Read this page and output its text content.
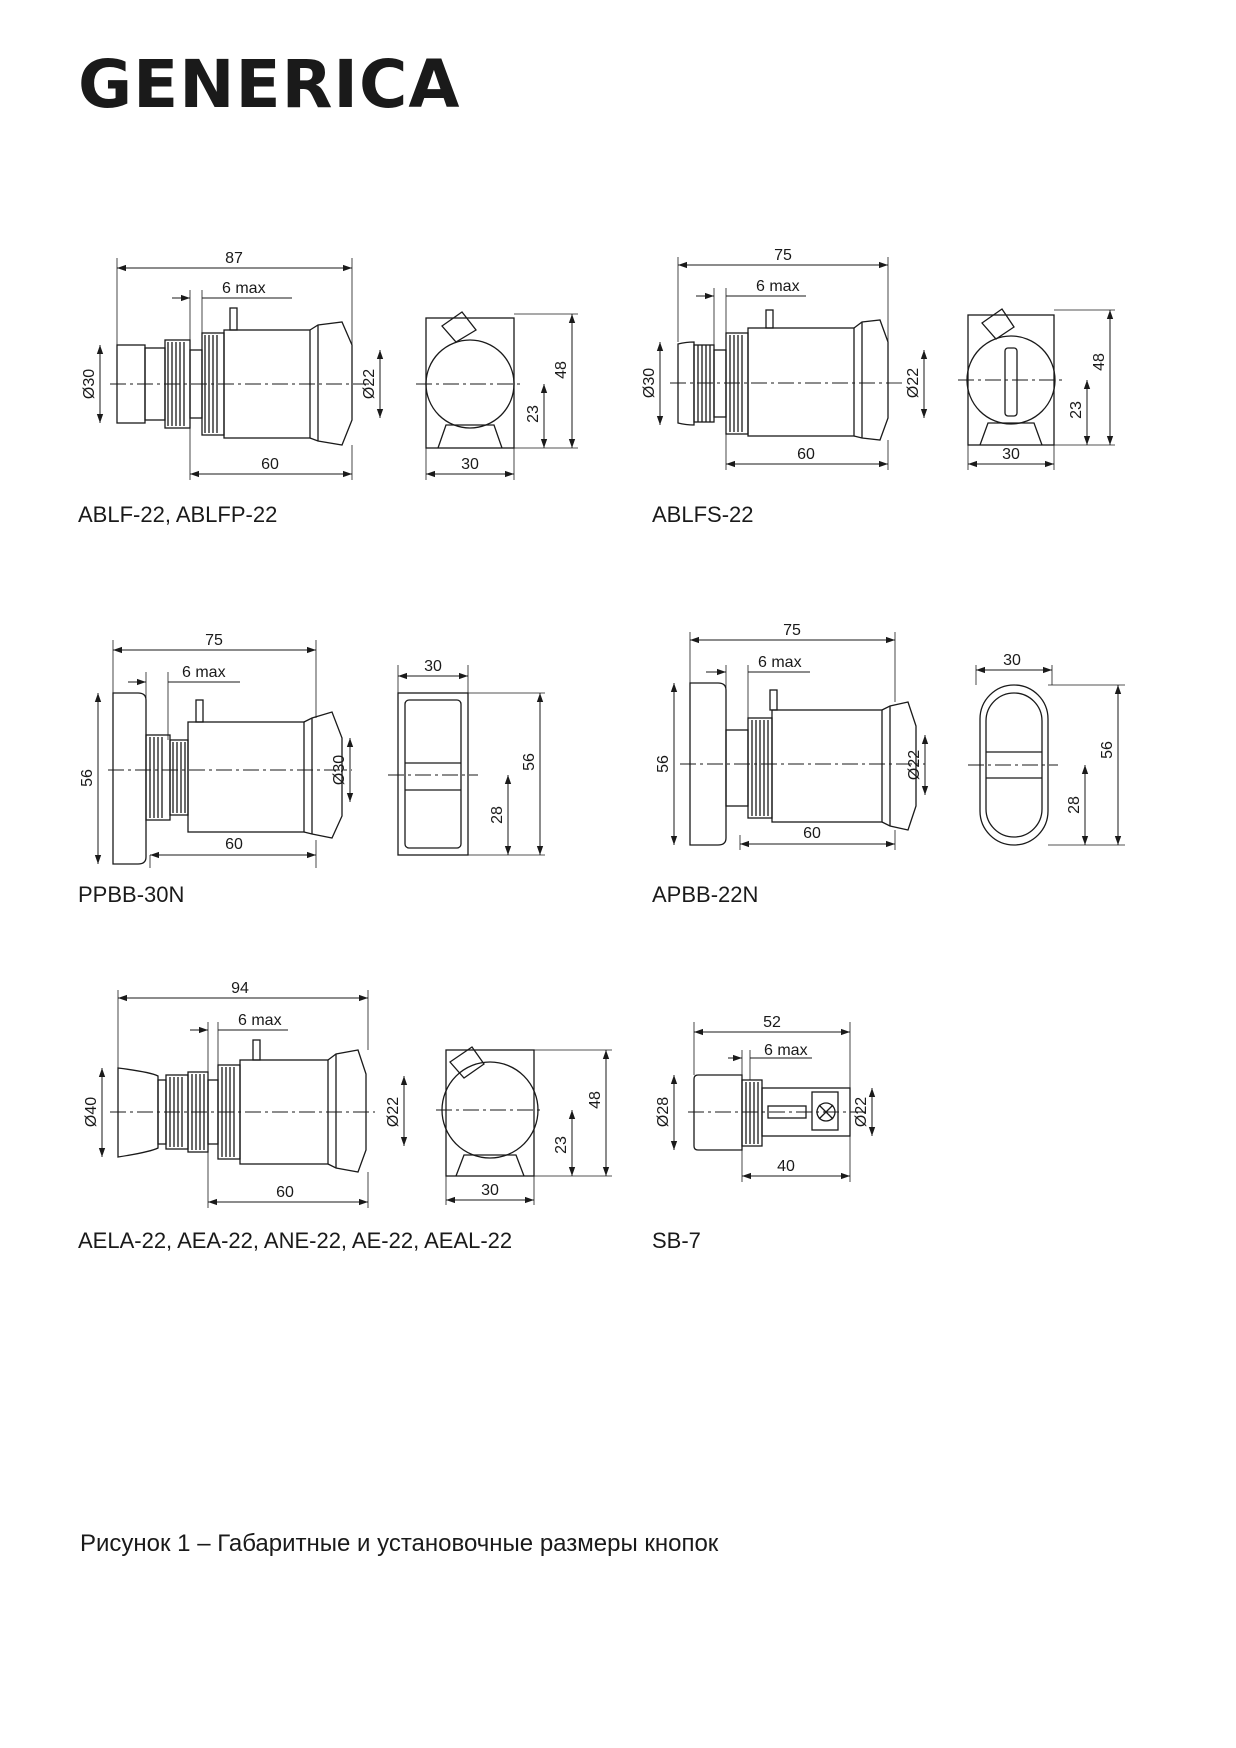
GENERICA
87
6 max
60	30
Ø30	Ø22	48
23
75
6 max
60	30
Ø30	Ø22
48
23
75
6 max
60
30
56	Ø30	56
28
75
6 max
60
30
56	Ø22	56
28
94
6 max
60	30
Ø40	Ø22	48
23
52
6 max
40
Ø28	Ø22
ABLF-22, ABLFP-22	ABLFS-22
PPBB-30N	APBB-22N
AELA-22, AEA-22, ANE-22, AE-22, AEAL-22	SB-7
Рисунок 1 – Габаритные и установочные размеры кнопок
